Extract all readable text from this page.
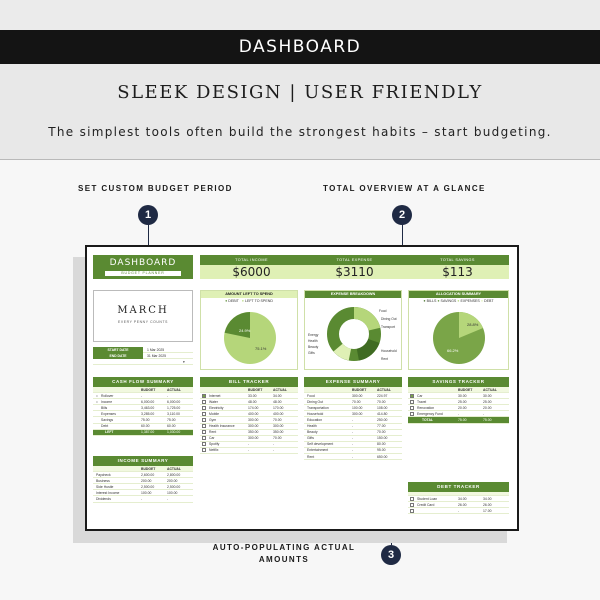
DASHBOARD
SLEEK DESIGN | USER FRIENDLY
The simplest tools often build the strongest habits – start budgeting.
SET CUSTOM BUDGET PERIOD	TOTAL OVERVIEW AT A GLANCE
AUTO-POPULATING ACTUAL AMOUNTS
DASHBOARD
BUDGET PLANNER
MARCH
EVERY PENNY COUNTS
START DATE	1 Mar 2025
END DATE	31 Mar 2025
▾
TOTAL INCOME
$6000
TOTAL EXPENSE
$3110
TOTAL SAVINGS
$113
AMOUNT LEFT TO SPEND
● DEBIT ● LEFT TO SPEND
24.9%
75.1%
EXPENSE BREAKDOWN
Food
Dining Out
Transport
Household
Energy
Health
Beauty
Gifts
Rent
ALLOCATION SUMMARY
● BILLS ● SAVINGS ● EXPENSES ● DEBT
28.8%
66.2%
CASH FLOW SUMMARY
BUDGET	ACTUAL
•	Rollover	-	-
•	Income	6,000.00	6,000.00
Bills	3,463.00	1,725.00
Expenses	3,285.00	3,110.00
Savings	75.00	75.00
Debt	60.00	60.00
LEFT	1,387.00	1,030.00
INCOME SUMMARY
BUDGET	ACTUAL
Paycheck	2,600.00	2,800.00
Business	200.00	200.00
Side Hustle	2,500.00	2,500.00
Interest Income	100.00	100.00
Dividends	-	-
BILL TRACKER
BUDGET	ACTUAL
Internet	33.00	34.00
Water	48.00	48.00
Electricity	174.00	170.00
Mobile	400.00	400.00
Gym	300.00	70.00
Health Insurance	300.00	300.00
Rent	350.00	350.00
Car	300.00	70.00
Spotify	-	-
Netflix	-	-
EXPENSE SUMMARY
BUDGET	ACTUAL
Food	300.00	224.97
Dining Out	70.00	70.00
Transportation	100.00	108.00
Household	300.00	414.80
Education	-	250.00
Health	-	77.00
Beauty	-	70.00
Gifts	-	150.00
Self development	-	80.00
Entertainment	-	95.00
Rent	-	650.00
SAVINGS TRACKER
BUDGET	ACTUAL
Car	30.00	30.00
Travel	25.00	25.00
Renovation	20.00	20.00
Emergency Fund	-	-
TOTAL	75.00	75.00
DEBT TRACKER
Student Loan	34.00	34.00
Credit Card	26.00	26.00
-	17.00
1	2
3
